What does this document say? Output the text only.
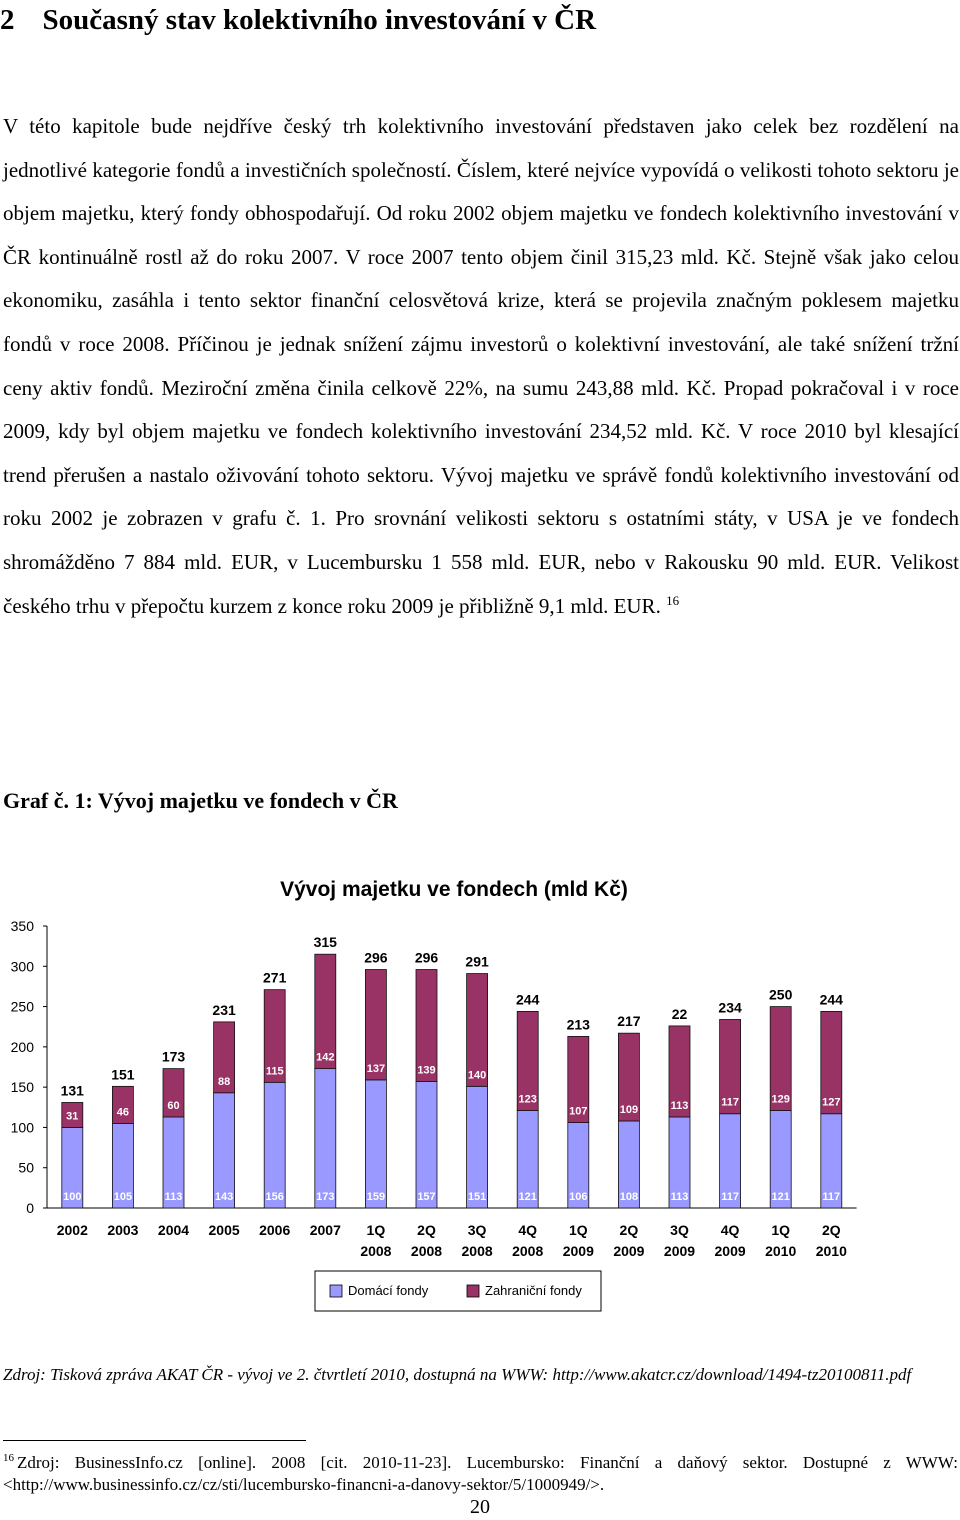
2 Současný stav kolektivního investování v ČR

V této kapitole bude nejdříve český trh kolektivního investování představen jako celek bez rozdělení na jednotlivé kategorie fondů a investičních společností. Číslem, které nejvíce vypovídá o velikosti tohoto sektoru je objem majetku, který fondy obhospodařují. Od roku 2002 objem majetku ve fondech kolektivního investování v ČR kontinuálně rostl až do roku 2007. V roce 2007 tento objem činil 315,23 mld. Kč. Stejně však jako celou ekonomiku, zasáhla i tento sektor finanční celosvětová krize, která se projevila značným poklesem majetku fondů v roce 2008. Příčinou je jednak snížení zájmu investorů o kolektivní investování, ale také snížení tržní ceny aktiv fondů. Meziroční změna činila celkově 22%, na sumu 243,88 mld. Kč. Propad pokračoval i v roce 2009, kdy byl objem majetku ve fondech kolektivního investování 234,52 mld. Kč. V roce 2010 byl klesající trend přerušen a nastalo oživování tohoto sektoru. Vývoj majetku ve správě fondů kolektivního investování od roku 2002 je zobrazen v grafu č. 1. Pro srovnání velikosti sektoru s ostatními státy, v USA je ve fondech shromážděno 7 884 mld. EUR, v Lucembursku 1 558 mld. EUR, nebo v Rakousku 90 mld. EUR. Velikost českého trhu v přepočtu kurzem z konce roku 2009 je přibližně 9,1 mld. EUR. $^{16}$

Graf č. 1: Vývoj majetku ve fondech v ČR

Vývoj majetku ve fondech (mld Kč)
0
50
100
150
200
250
300
350
100
31
131
2002
105
46
151
2003
113
60
173
2004
143
88
231
2005
156
115
271
2006
173
142
315
2007
159
137
296
1Q
2008
157
139
296
2Q
2008
151
140
291
3Q
2008
121
123
244
4Q
2008
106
107
213
1Q
2009
108
109
217
2Q
2009
113
113
22
3Q
2009
117
117
234
4Q
2009
121
129
250
1Q
2010
117
127
244
2Q
2010
Domácí fondy	Zahraniční fondy

Zdroj: Tisková zpráva AKAT ČR - vývoj ve 2. čtvrtletí 2010, dostupná na WWW: http://www.akatcr.cz/download/1494-tz20100811.pdf

$^{16}$ Zdroj: BusinessInfo.cz [online]. 2008 [cit. 2010-11-23]. Lucembursko: Finanční a daňový sektor. Dostupné z WWW: <http://www.businessinfo.cz/cz/sti/lucembursko-financni-a-danovy-sektor/5/1000949/>.

20
